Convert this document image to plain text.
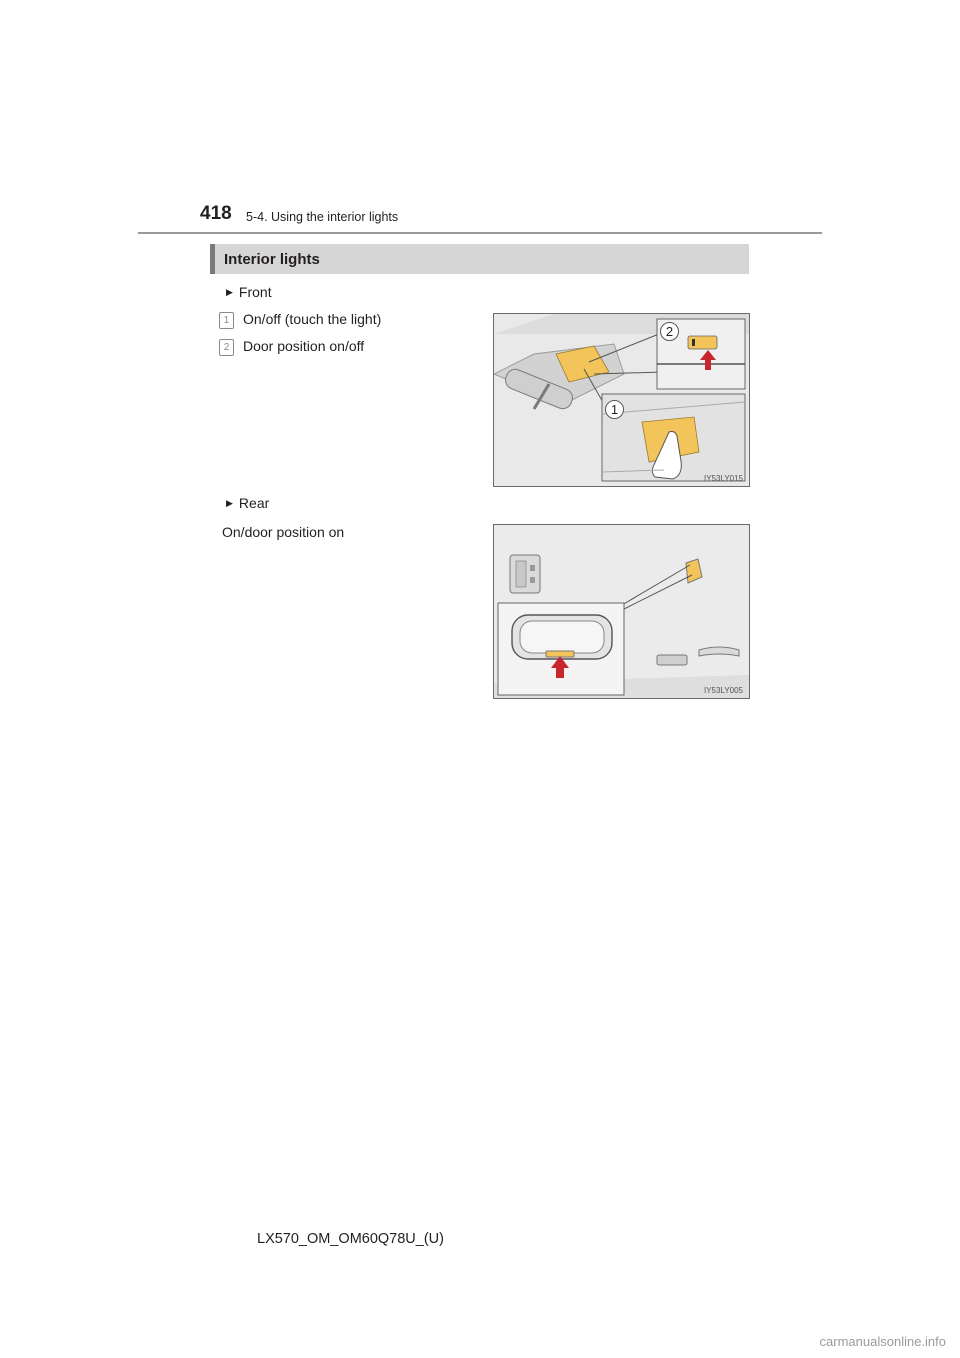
418 5-4. Using the interior lights
Interior lights
▶ Front
1 On/off (touch the light)
2 Door position on/off
2
1
IY53LY015
▶ Rear
On/door position on
IY53LY005
LX570_OM_OM60Q78U_(U)
carmanualsonline.info
